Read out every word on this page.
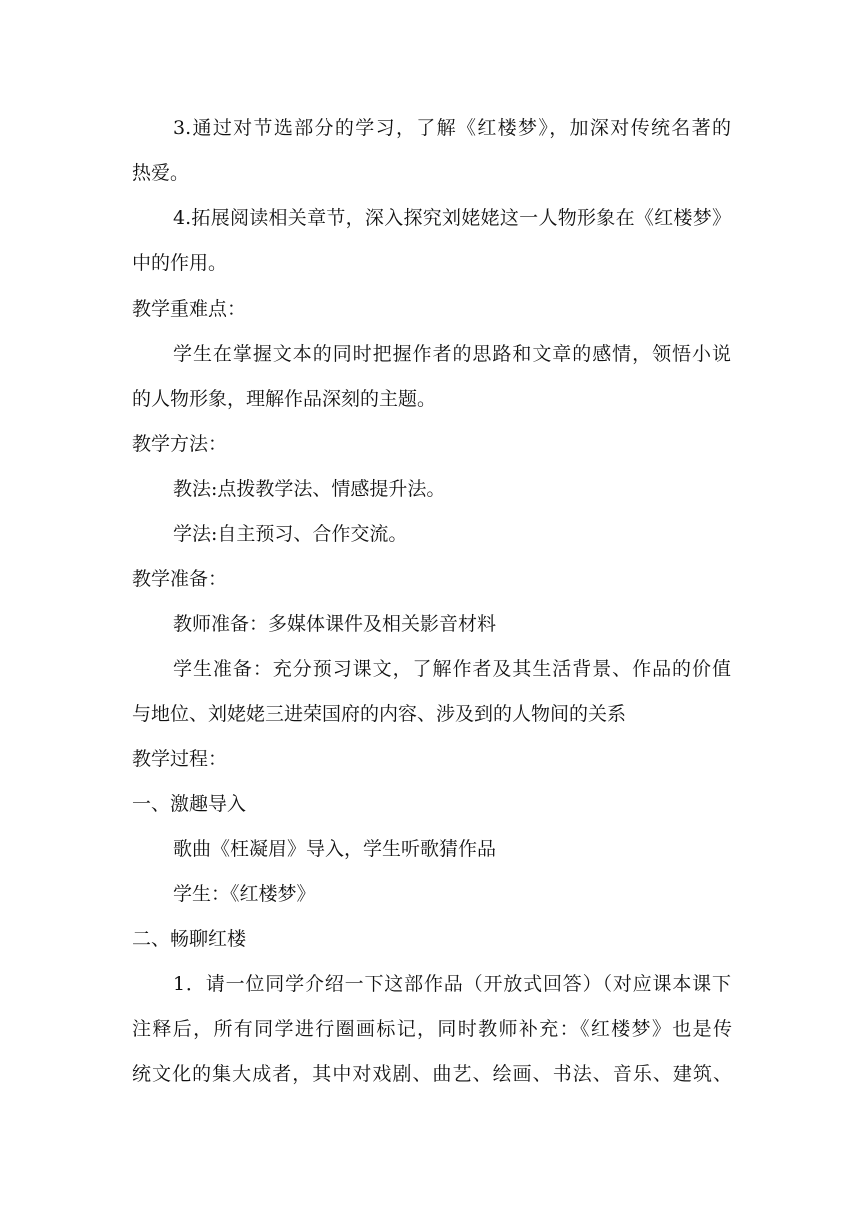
3.通过对节选部分的学习，了解《红楼梦》，加深对传统名著的
热爱。
4.拓展阅读相关章节，深入探究刘姥姥这一人物形象在《红楼梦》
中的作用。
教学重难点：
学生在掌握文本的同时把握作者的思路和文章的感情，领悟小说
的人物形象，理解作品深刻的主题。
教学方法：
教法:点拨教学法、情感提升法。
学法:自主预习、合作交流。
教学准备：
教师准备：多媒体课件及相关影音材料
学生准备：充分预习课文，了解作者及其生活背景、作品的价值
与地位、刘姥姥三进荣国府的内容、涉及到的人物间的关系
教学过程：
一、激趣导入
歌曲《枉凝眉》导入，学生听歌猜作品
学生：《红楼梦》
二、畅聊红楼
1．请一位同学介绍一下这部作品（开放式回答）（对应课本课下
注释后，所有同学进行圈画标记，同时教师补充：《红楼梦》也是传
统文化的集大成者，其中对戏剧、曲艺、绘画、书法、音乐、建筑、
